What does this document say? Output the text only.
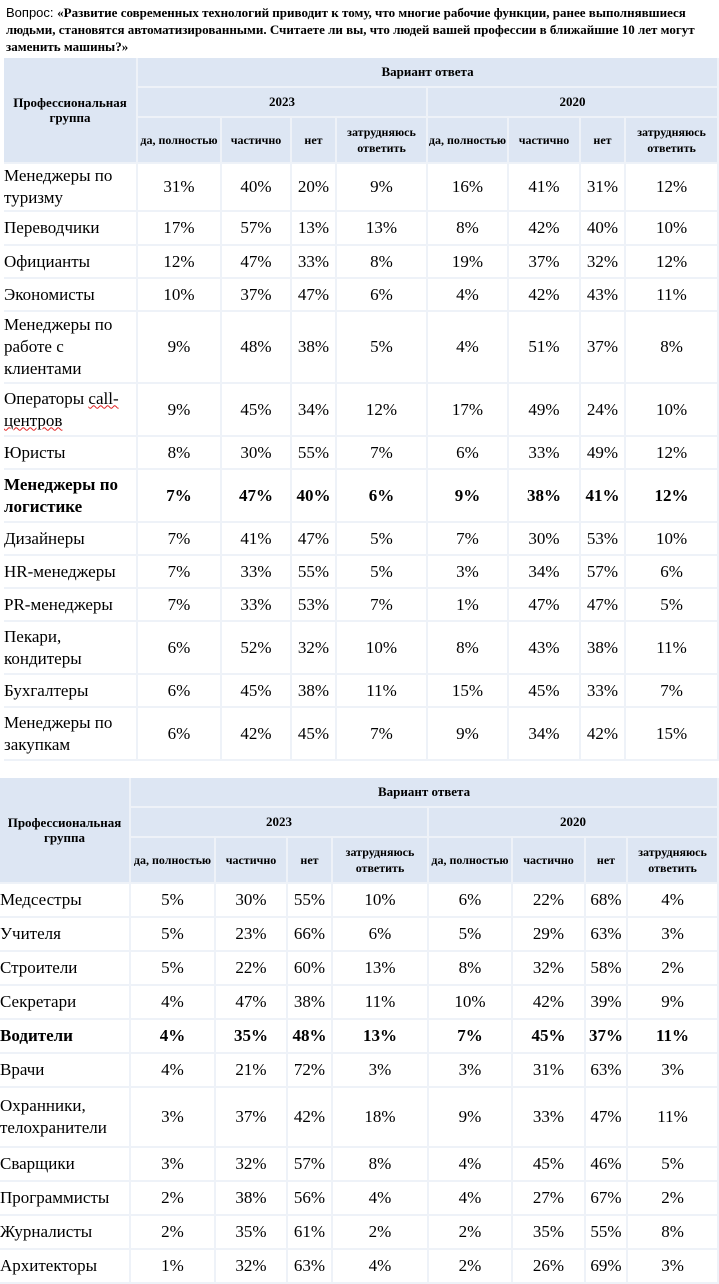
Вопрос: «Развитие современных технологий приводит к тому, что многие рабочие функции, ранее выполнявшиеся людьми, становятся автоматизированными. Считаете ли вы, что людей вашей профессии в ближайшие 10 лет могут заменить машины?»
Профессиональная группа	Вариант ответа							
	2023				2020			
	да, полностью	частично	нет	затрудняюсь ответить	да, полностью	частично	нет	затрудняюсь ответить
Менеджеры по туризму	31%	40%	20%	9%	16%	41%	31%	12%
Переводчики	17%	57%	13%	13%	8%	42%	40%	10%
Официанты	12%	47%	33%	8%	19%	37%	32%	12%
Экономисты	10%	37%	47%	6%	4%	42%	43%	11%
Менеджеры по работе с клиентами	9%	48%	38%	5%	4%	51%	37%	8%
Операторы call-центров	9%	45%	34%	12%	17%	49%	24%	10%
Юристы	8%	30%	55%	7%	6%	33%	49%	12%
Менеджеры по логистике	7%	47%	40%	6%	9%	38%	41%	12%
Дизайнеры	7%	41%	47%	5%	7%	30%	53%	10%
HR-менеджеры	7%	33%	55%	5%	3%	34%	57%	6%
PR-менеджеры	7%	33%	53%	7%	1%	47%	47%	5%
Пекари, кондитеры	6%	52%	32%	10%	8%	43%	38%	11%
Бухгалтеры	6%	45%	38%	11%	15%	45%	33%	7%
Менеджеры по закупкам	6%	42%	45%	7%	9%	34%	42%	15%
Профессиональная группа	Вариант ответа							
	2023				2020			
	да, полностью	частично	нет	затрудняюсь ответить	да, полностью	частично	нет	затрудняюсь ответить
Медсестры	5%	30%	55%	10%	6%	22%	68%	4%
Учителя	5%	23%	66%	6%	5%	29%	63%	3%
Строители	5%	22%	60%	13%	8%	32%	58%	2%
Секретари	4%	47%	38%	11%	10%	42%	39%	9%
Водители	4%	35%	48%	13%	7%	45%	37%	11%
Врачи	4%	21%	72%	3%	3%	31%	63%	3%
Охранники, телохранители	3%	37%	42%	18%	9%	33%	47%	11%
Сварщики	3%	32%	57%	8%	4%	45%	46%	5%
Программисты	2%	38%	56%	4%	4%	27%	67%	2%
Журналисты	2%	35%	61%	2%	2%	35%	55%	8%
Архитекторы	1%	32%	63%	4%	2%	26%	69%	3%
